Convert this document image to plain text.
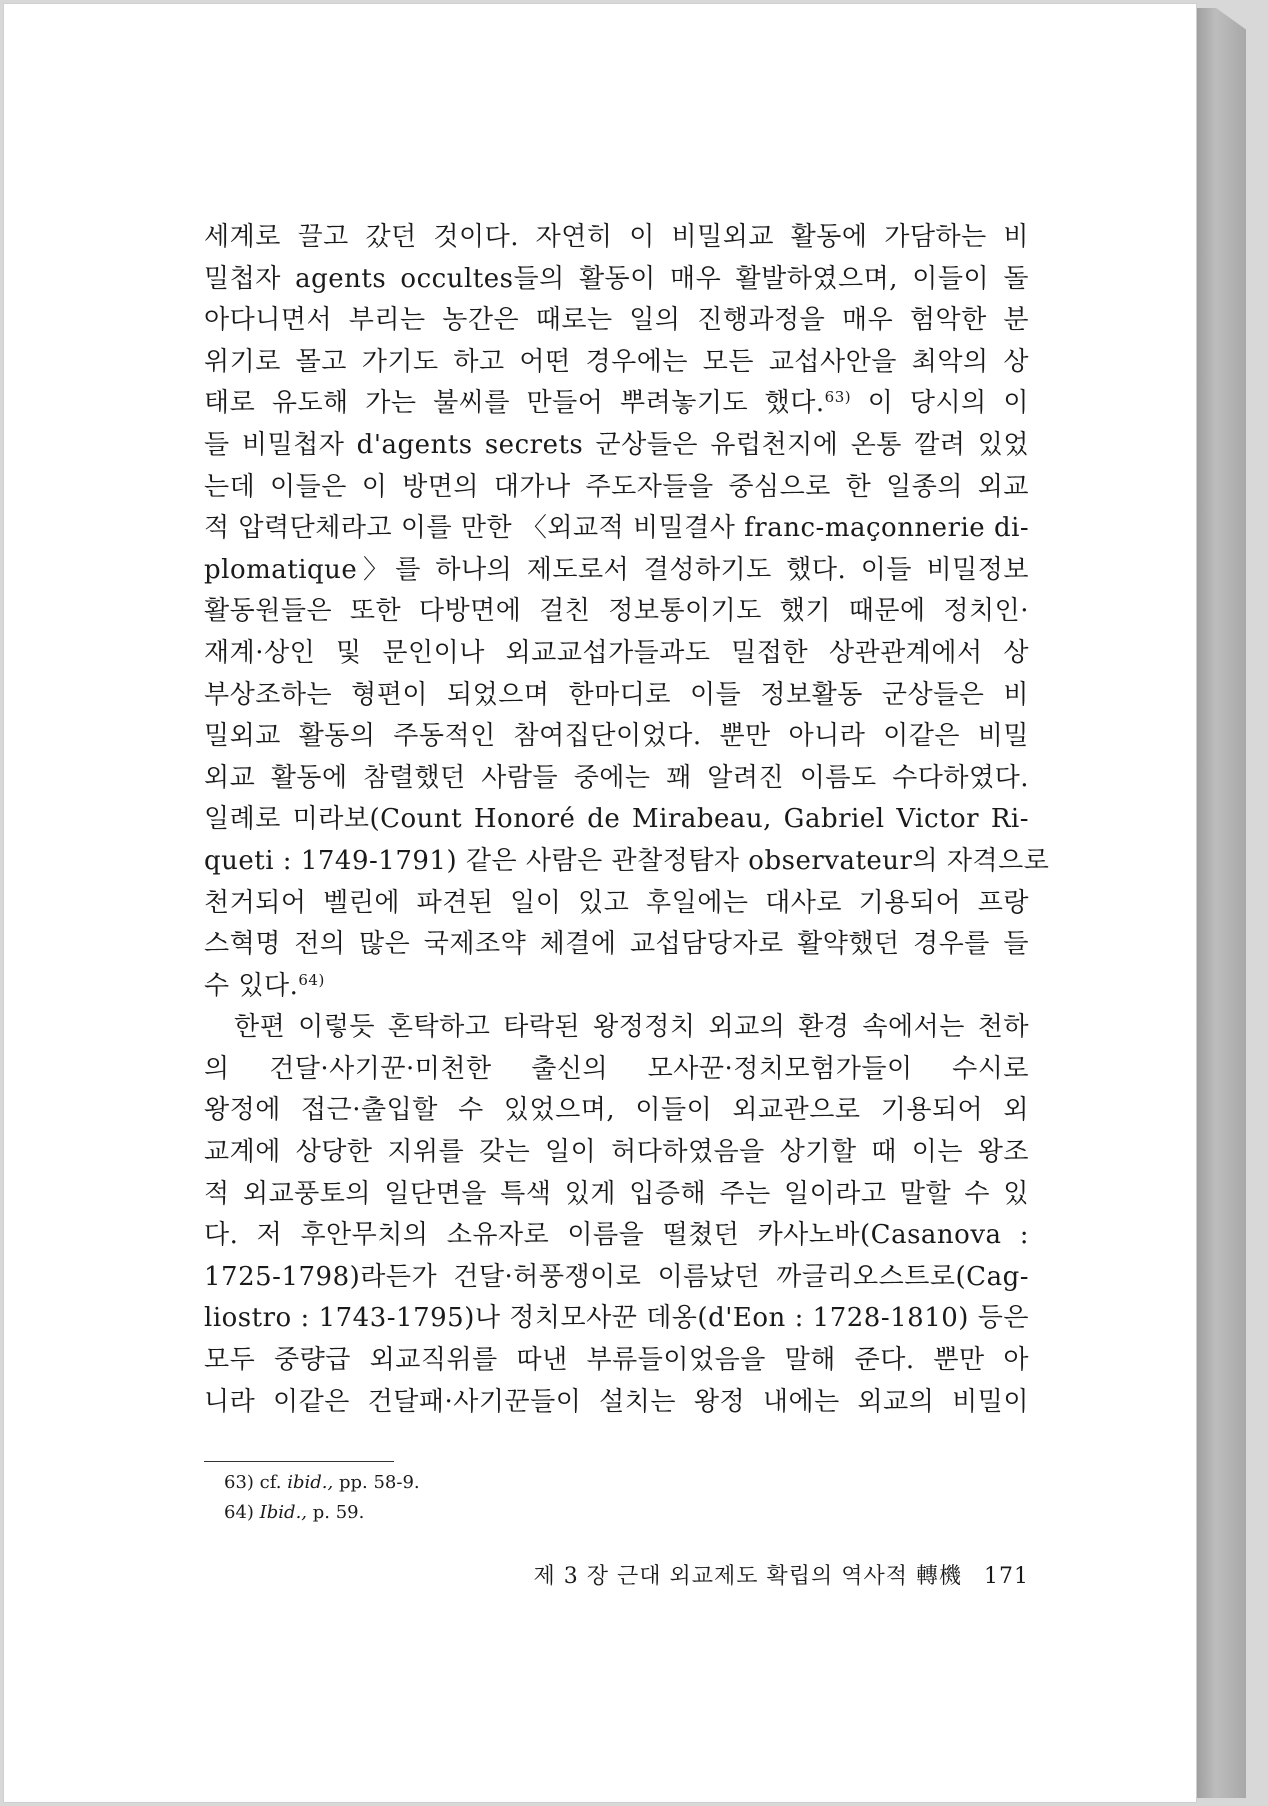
세계로 끌고 갔던 것이다. 자연히 이 비밀외교 활동에 가담하는 비
밀첩자 agents occultes들의 활동이 매우 활발하였으며, 이들이 돌
아다니면서 부리는 농간은 때로는 일의 진행과정을 매우 험악한 분
위기로 몰고 가기도 하고 어떤 경우에는 모든 교섭사안을 최악의 상
태로 유도해 가는 불씨를 만들어 뿌려놓기도 했다.$^{63)}$ 이 당시의 이
들 비밀첩자 d'agents secrets 군상들은 유럽천지에 온통 깔려 있었
는데 이들은 이 방면의 대가나 주도자들을 중심으로 한 일종의 외교
적 압력단체라고 이를 만한 〈외교적 비밀결사 franc-maçonnerie di-
plomatique〉를 하나의 제도로서 결성하기도 했다. 이들 비밀정보
활동원들은 또한 다방면에 걸친 정보통이기도 했기 때문에 정치인·
재계·상인 및 문인이나 외교교섭가들과도 밀접한 상관관계에서 상
부상조하는 형편이 되었으며 한마디로 이들 정보활동 군상들은 비
밀외교 활동의 주동적인 참여집단이었다. 뿐만 아니라 이같은 비밀
외교 활동에 참렬했던 사람들 중에는 꽤 알려진 이름도 수다하였다.
일례로 미라보(Count Honoré de Mirabeau, Gabriel Victor Ri-
queti : 1749-1791) 같은 사람은 관찰정탐자 observateur의 자격으로
천거되어 벨린에 파견된 일이 있고 후일에는 대사로 기용되어 프랑
스혁명 전의 많은 국제조약 체결에 교섭담당자로 활약했던 경우를 들
수 있다.$^{64)}$
한편 이렇듯 혼탁하고 타락된 왕정정치 외교의 환경 속에서는 천하
의 건달·사기꾼·미천한 출신의 모사꾼·정치모험가들이 수시로
왕정에 접근·출입할 수 있었으며, 이들이 외교관으로 기용되어 외
교계에 상당한 지위를 갖는 일이 허다하였음을 상기할 때 이는 왕조
적 외교풍토의 일단면을 특색 있게 입증해 주는 일이라고 말할 수 있
다. 저 후안무치의 소유자로 이름을 떨쳤던 카사노바(Casanova :
1725-1798)라든가 건달·허풍쟁이로 이름났던 까글리오스트로(Cag-
liostro : 1743-1795)나 정치모사꾼 데옹(d'Eon : 1728-1810) 등은
모두 중량급 외교직위를 따낸 부류들이었음을 말해 준다. 뿐만 아
니라 이같은 건달패·사기꾼들이 설치는 왕정 내에는 외교의 비밀이
63) cf. ibid., pp. 58-9.
64) Ibid., p. 59.
제 3 장 근대 외교제도 확립의 역사적 轉機 171
